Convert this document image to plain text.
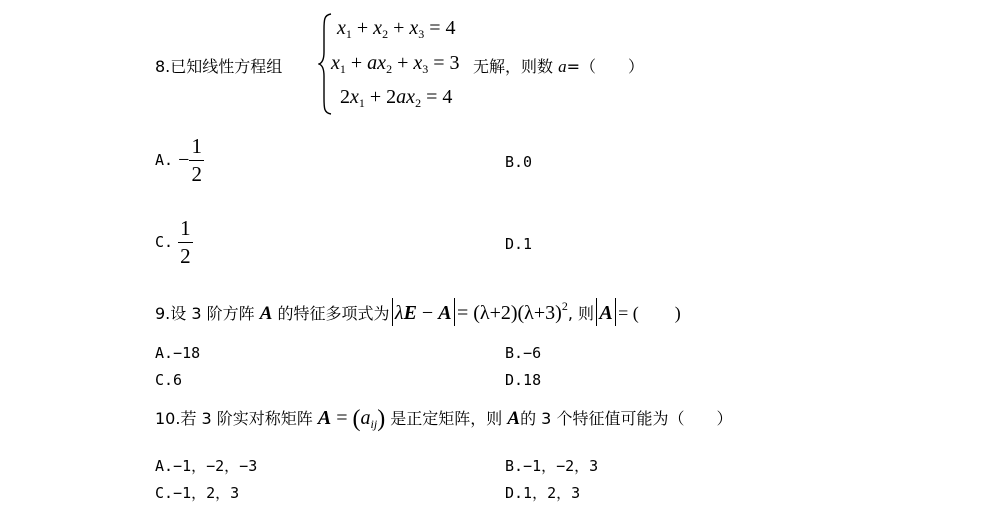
8.已知线性方程组
$x_1 + x_2 + x_3 = 4$
$x_1 + ax_2 + x_3 = 3$
$2x_1 + 2ax_2 = 4$
无解，则数 a=（　　）
A. − $\frac{1}{2}$	B.0
C. $\frac{1}{2}$	D.1
9.设 3 阶方阵 A 的特征多项式为 $\lambda E - A = (\lambda+2)(\lambda+3)^2$, 则 A = (　　)
A.−18	B.−6
C.6	D.18
10.若 3 阶实对称矩阵 $A = (a_{ij})$ 是正定矩阵，则 A的 3 个特征值可能为（　　）
A.−1，−2，−3	B.−1，−2，3
C.−1，2，3	D.1，2，3
